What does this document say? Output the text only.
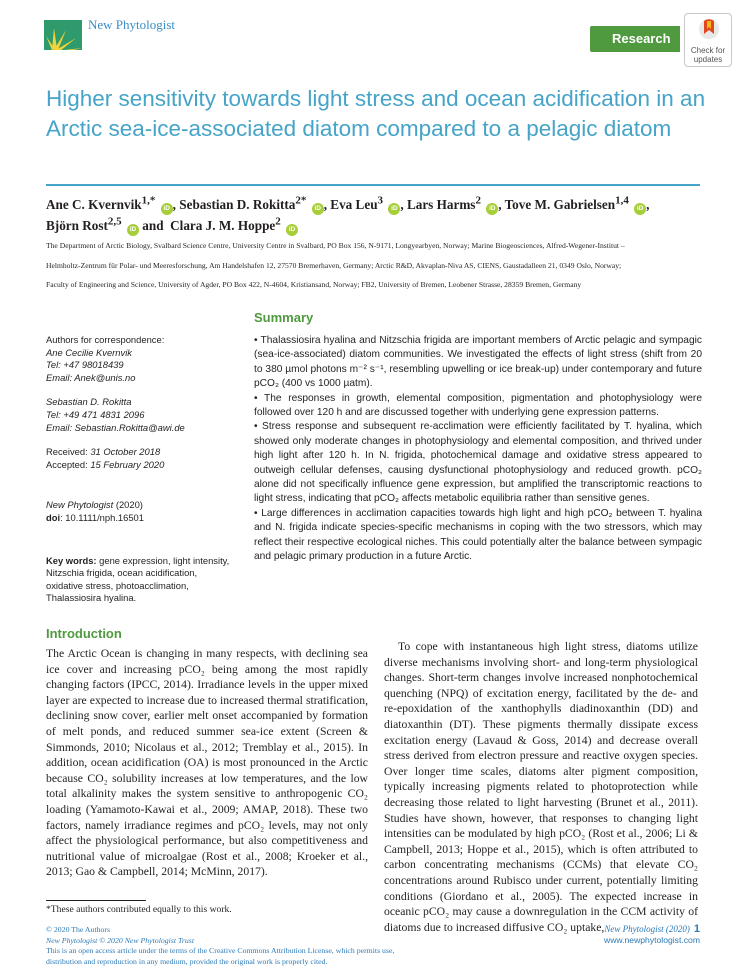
New Phytologist
Research
Check for
updates
Higher sensitivity towards light stress and ocean acidification in an Arctic sea-ice-associated diatom compared to a pelagic diatom
Ane C. Kvernvik$^{1,*}$ iD , Sebastian D. Rokitta$^{2*}$ iD , Eva Leu$^3$ iD , Lars Harms$^2$ iD , Tove M. Gabrielsen$^{1,4}$ iD ,
Björn Rost$^{2,5}$ iD and  Clara J. M. Hoppe$^2$ iD
The Department of Arctic Biology, Svalbard Science Centre, University Centre in Svalbard, PO Box 156, N-9171, Longyearbyen, Norway; Marine Biogeosciences, Alfred-Wegener-Institut –
Helmholtz-Zentrum für Polar- und Meeresforschung, Am Handelshafen 12, 27570 Bremerhaven, Germany; Arctic R&D, Akvaplan-Niva AS, CIENS, Gaustadalleen 21, 0349 Oslo, Norway;
Faculty of Engineering and Science, University of Agder, PO Box 422, N-4604, Kristiansand, Norway; FB2, University of Bremen, Leobener Strasse, 28359 Bremen, Germany

Authors for correspondence:

Ane Cecilie Kvernvik

Tel: +47 98018439

Email: Anek@unis.no

Sebastian D. Rokitta

Tel: +49 471 4831 2096

Email: Sebastian.Rokitta@awi.de

Received: 31 October 2018

Accepted: 15 February 2020

New Phytologist (2020)

doi: 10.1111/nph.16501

Key words: gene expression, light intensity, Nitzschia frigida, ocean acidification, oxidative stress, photoacclimation, Thalassiosira hyalina.

Summary

• Thalassiosira hyalina and Nitzschia frigida are important members of Arctic pelagic and sympagic (sea-ice-associated) diatom communities. We investigated the effects of light stress (shift from 20 to 380 µmol photons m⁻² s⁻¹, resembling upwelling or ice break-up) under contemporary and future pCO₂ (400 vs 1000 µatm).

• The responses in growth, elemental composition, pigmentation and photophysiology were followed over 120 h and are discussed together with underlying gene expression patterns.

• Stress response and subsequent re-acclimation were efficiently facilitated by T. hyalina, which showed only moderate changes in photophysiology and elemental composition, and thrived under high light after 120 h. In N. frigida, photochemical damage and oxidative stress appeared to outweigh cellular defenses, causing dysfunctional photophysiology and reduced growth. pCO₂ alone did not specifically influence gene expression, but amplified the transcriptomic reactions to light stress, indicating that pCO₂ affects metabolic equilibria rather than sensitive genes.

• Large differences in acclimation capacities towards high light and high pCO₂ between T. hyalina and N. frigida indicate species-specific mechanisms in coping with the two stressors, which may reflect their respective ecological niches. This could potentially alter the balance between sympagic and pelagic primary production in a future Arctic.

Introduction

The Arctic Ocean is changing in many respects, with declining sea ice cover and increasing pCO₂ being among the most rapidly changing factors (IPCC, 2014). Irradiance levels in the upper mixed layer are expected to increase due to increased thermal stratification, declining snow cover, earlier melt onset accompanied by formation of melt ponds, and reduced summer sea-ice extent (Screen & Simmonds, 2010; Nicolaus et al., 2012; Tremblay et al., 2015). In addition, ocean acidification (OA) is most pronounced in the Arctic because CO₂ solubility increases at low temperatures, and the low total alkalinity makes the system sensitive to anthropogenic CO₂ loading (Yamamoto-Kawai et al., 2009; AMAP, 2018). These two factors, namely irradiance regimes and pCO₂ levels, may not only affect the physiological performance, but also competitiveness and nutritional value of microalgae (Rost et al., 2008; Kroeker et al., 2013; Gao & Campbell, 2014; McMinn, 2017).

To cope with instantaneous high light stress, diatoms utilize diverse mechanisms involving short- and long-term physiological changes. Short-term changes involve increased nonphotochemical quenching (NPQ) of excitation energy, facilitated by the de- and re-epoxidation of the xanthophylls diadinoxanthin (DD) and diatoxanthin (DT). These pigments thermally dissipate excess excitation energy (Lavaud & Goss, 2014) and decrease overall stress derived from electron pressure and reactive oxygen species. Over longer time scales, diatoms alter pigment composition, typically increasing pigments related to photoprotection while decreasing those related to light harvesting (Brunet et al., 2011). Studies have shown, however, that responses to changing light intensities can be modulated by high pCO₂ (Rost et al., 2006; Li & Campbell, 2013; Hoppe et al., 2015), which is often attributed to carbon concentrating mechanisms (CCMs) that elevate CO₂ concentrations around Rubisco under current, potentially limiting conditions (Giordano et al., 2005). The expected increase in oceanic pCO₂ may cause a downregulation in the CCM activity of diatoms due to increased diffusive CO₂ uptake,

*These authors contributed equally to this work.
© 2020 The Authors
New Phytologist © 2020 New Phytologist Trust
This is an open access article under the terms of the Creative Commons Attribution License, which permits use,
distribution and reproduction in any medium, provided the original work is properly cited.
New Phytologist (2020) 1
www.newphytologist.com
